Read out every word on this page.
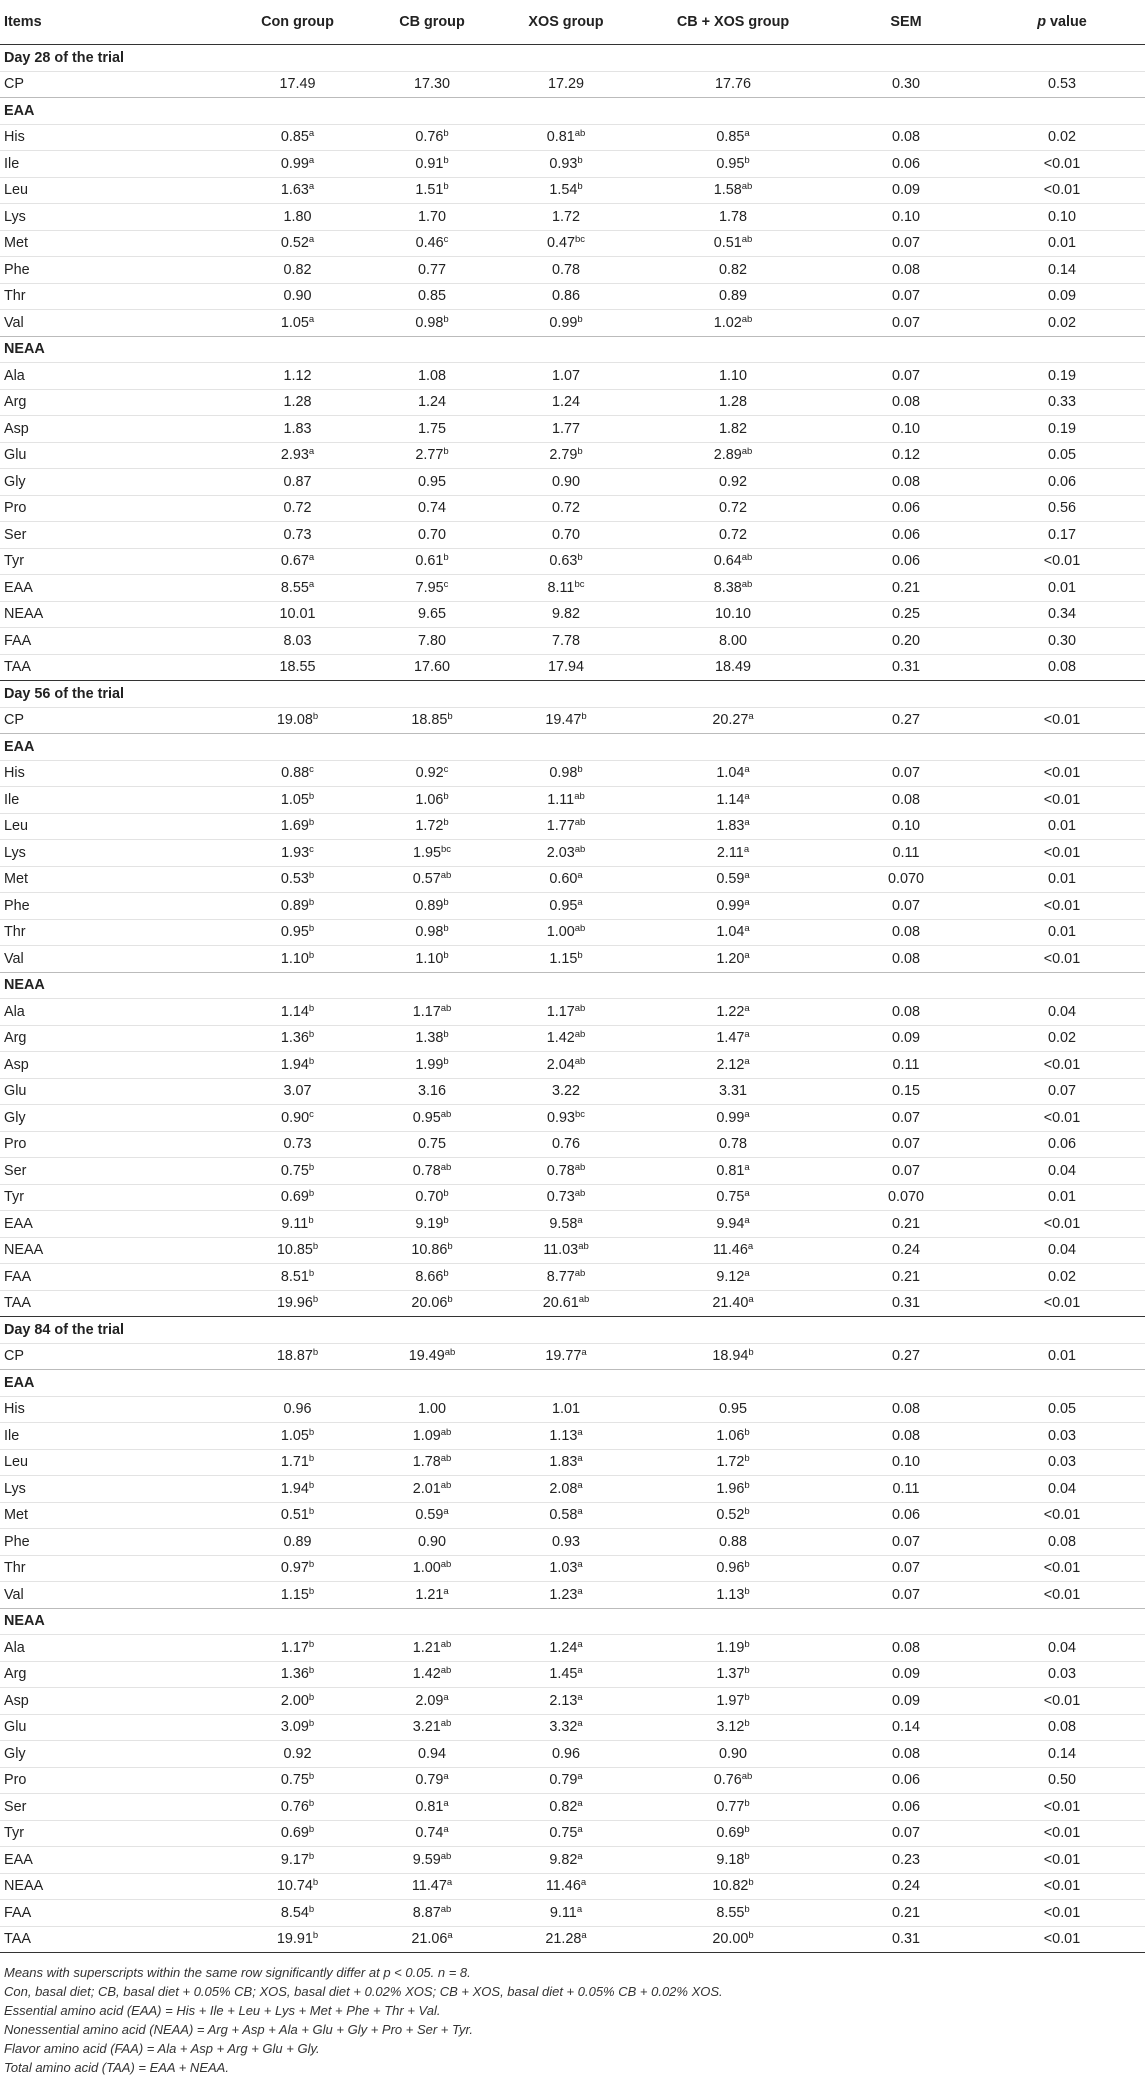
Items	Con group	CB group	XOS group	CB + XOS group	SEM	p value
Day 28 of the trial						
CP	17.49	17.30	17.29	17.76	0.30	0.53
EAA						
His	0.85$^a$	0.76$^b$	0.81$^{ab}$	0.85$^a$	0.08	0.02
Ile	0.99$^a$	0.91$^b$	0.93$^b$	0.95$^b$	0.06	<0.01
Leu	1.63$^a$	1.51$^b$	1.54$^b$	1.58$^{ab}$	0.09	<0.01
Lys	1.80	1.70	1.72	1.78	0.10	0.10
Met	0.52$^a$	0.46$^c$	0.47$^{bc}$	0.51$^{ab}$	0.07	0.01
Phe	0.82	0.77	0.78	0.82	0.08	0.14
Thr	0.90	0.85	0.86	0.89	0.07	0.09
Val	1.05$^a$	0.98$^b$	0.99$^b$	1.02$^{ab}$	0.07	0.02
NEAA						
Ala	1.12	1.08	1.07	1.10	0.07	0.19
Arg	1.28	1.24	1.24	1.28	0.08	0.33
Asp	1.83	1.75	1.77	1.82	0.10	0.19
Glu	2.93$^a$	2.77$^b$	2.79$^b$	2.89$^{ab}$	0.12	0.05
Gly	0.87	0.95	0.90	0.92	0.08	0.06
Pro	0.72	0.74	0.72	0.72	0.06	0.56
Ser	0.73	0.70	0.70	0.72	0.06	0.17
Tyr	0.67$^a$	0.61$^b$	0.63$^b$	0.64$^{ab}$	0.06	<0.01
EAA	8.55$^a$	7.95$^c$	8.11$^{bc}$	8.38$^{ab}$	0.21	0.01
NEAA	10.01	9.65	9.82	10.10	0.25	0.34
FAA	8.03	7.80	7.78	8.00	0.20	0.30
TAA	18.55	17.60	17.94	18.49	0.31	0.08
Day 56 of the trial						
CP	19.08$^b$	18.85$^b$	19.47$^b$	20.27$^a$	0.27	<0.01
EAA						
His	0.88$^c$	0.92$^c$	0.98$^b$	1.04$^a$	0.07	<0.01
Ile	1.05$^b$	1.06$^b$	1.11$^{ab}$	1.14$^a$	0.08	<0.01
Leu	1.69$^b$	1.72$^b$	1.77$^{ab}$	1.83$^a$	0.10	0.01
Lys	1.93$^c$	1.95$^{bc}$	2.03$^{ab}$	2.11$^a$	0.11	<0.01
Met	0.53$^b$	0.57$^{ab}$	0.60$^a$	0.59$^a$	0.070	0.01
Phe	0.89$^b$	0.89$^b$	0.95$^a$	0.99$^a$	0.07	<0.01
Thr	0.95$^b$	0.98$^b$	1.00$^{ab}$	1.04$^a$	0.08	0.01
Val	1.10$^b$	1.10$^b$	1.15$^b$	1.20$^a$	0.08	<0.01
NEAA						
Ala	1.14$^b$	1.17$^{ab}$	1.17$^{ab}$	1.22$^a$	0.08	0.04
Arg	1.36$^b$	1.38$^b$	1.42$^{ab}$	1.47$^a$	0.09	0.02
Asp	1.94$^b$	1.99$^b$	2.04$^{ab}$	2.12$^a$	0.11	<0.01
Glu	3.07	3.16	3.22	3.31	0.15	0.07
Gly	0.90$^c$	0.95$^{ab}$	0.93$^{bc}$	0.99$^a$	0.07	<0.01
Pro	0.73	0.75	0.76	0.78	0.07	0.06
Ser	0.75$^b$	0.78$^{ab}$	0.78$^{ab}$	0.81$^a$	0.07	0.04
Tyr	0.69$^b$	0.70$^b$	0.73$^{ab}$	0.75$^a$	0.070	0.01
EAA	9.11$^b$	9.19$^b$	9.58$^a$	9.94$^a$	0.21	<0.01
NEAA	10.85$^b$	10.86$^b$	11.03$^{ab}$	11.46$^a$	0.24	0.04
FAA	8.51$^b$	8.66$^b$	8.77$^{ab}$	9.12$^a$	0.21	0.02
TAA	19.96$^b$	20.06$^b$	20.61$^{ab}$	21.40$^a$	0.31	<0.01
Day 84 of the trial						
CP	18.87$^b$	19.49$^{ab}$	19.77$^a$	18.94$^b$	0.27	0.01
EAA						
His	0.96	1.00	1.01	0.95	0.08	0.05
Ile	1.05$^b$	1.09$^{ab}$	1.13$^a$	1.06$^b$	0.08	0.03
Leu	1.71$^b$	1.78$^{ab}$	1.83$^a$	1.72$^b$	0.10	0.03
Lys	1.94$^b$	2.01$^{ab}$	2.08$^a$	1.96$^b$	0.11	0.04
Met	0.51$^b$	0.59$^a$	0.58$^a$	0.52$^b$	0.06	<0.01
Phe	0.89	0.90	0.93	0.88	0.07	0.08
Thr	0.97$^b$	1.00$^{ab}$	1.03$^a$	0.96$^b$	0.07	<0.01
Val	1.15$^b$	1.21$^a$	1.23$^a$	1.13$^b$	0.07	<0.01
NEAA						
Ala	1.17$^b$	1.21$^{ab}$	1.24$^a$	1.19$^b$	0.08	0.04
Arg	1.36$^b$	1.42$^{ab}$	1.45$^a$	1.37$^b$	0.09	0.03
Asp	2.00$^b$	2.09$^a$	2.13$^a$	1.97$^b$	0.09	<0.01
Glu	3.09$^b$	3.21$^{ab}$	3.32$^a$	3.12$^b$	0.14	0.08
Gly	0.92	0.94	0.96	0.90	0.08	0.14
Pro	0.75$^b$	0.79$^a$	0.79$^a$	0.76$^{ab}$	0.06	0.50
Ser	0.76$^b$	0.81$^a$	0.82$^a$	0.77$^b$	0.06	<0.01
Tyr	0.69$^b$	0.74$^a$	0.75$^a$	0.69$^b$	0.07	<0.01
EAA	9.17$^b$	9.59$^{ab}$	9.82$^a$	9.18$^b$	0.23	<0.01
NEAA	10.74$^b$	11.47$^a$	11.46$^a$	10.82$^b$	0.24	<0.01
FAA	8.54$^b$	8.87$^{ab}$	9.11$^a$	8.55$^b$	0.21	<0.01
TAA	19.91$^b$	21.06$^a$	21.28$^a$	20.00$^b$	0.31	<0.01
Means with superscripts within the same row significantly differ at p < 0.05. n = 8.
Con, basal diet; CB, basal diet + 0.05% CB; XOS, basal diet + 0.02% XOS; CB + XOS, basal diet + 0.05% CB + 0.02% XOS.
Essential amino acid (EAA) = His + Ile + Leu + Lys + Met + Phe + Thr + Val.
Nonessential amino acid (NEAA) = Arg + Asp + Ala + Glu + Gly + Pro + Ser + Tyr.
Flavor amino acid (FAA) = Ala + Asp + Arg + Glu + Gly.
Total amino acid (TAA) = EAA + NEAA.
